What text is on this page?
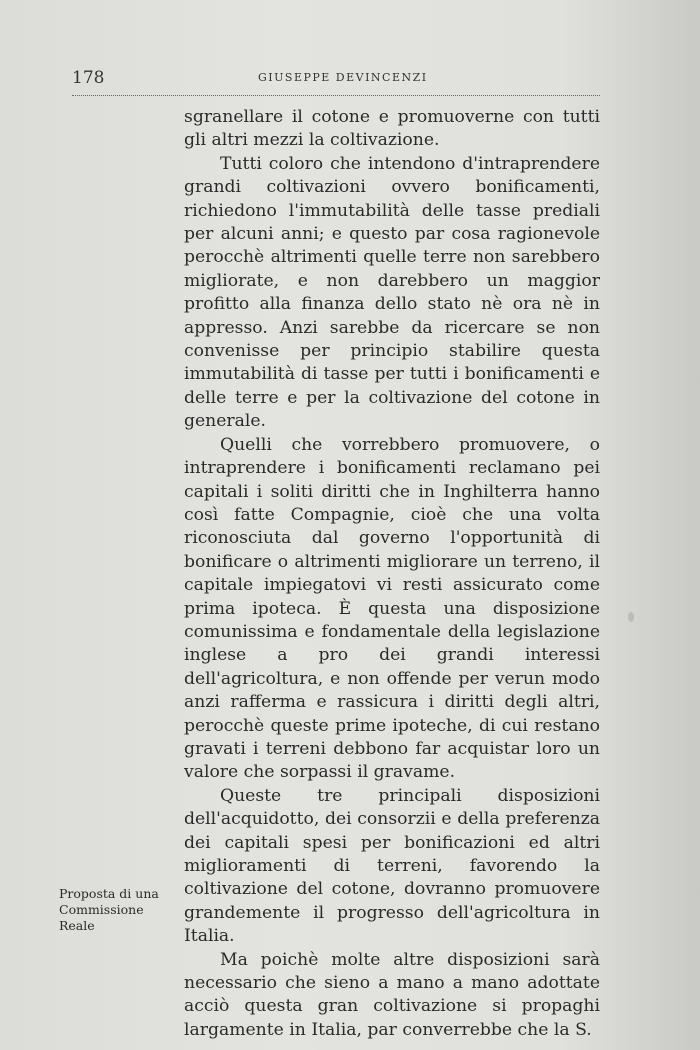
178	GIUSEPPE DEVINCENZI

sgranellare il cotone e promuoverne con tutti gli altri mezzi la coltivazione.

Tutti coloro che intendono d'intraprendere grandi coltivazioni ovvero bonificamenti, richiedono l'immutabilità delle tasse prediali per alcuni anni; e questo par cosa ragionevole perocchè altrimenti quelle terre non sarebbero migliorate, e non darebbero un maggior profitto alla finanza dello stato nè ora nè in appresso. Anzi sarebbe da ricercare se non convenisse per principio stabilire questa immutabilità di tasse per tutti i bonificamenti e delle terre e per la coltivazione del cotone in generale.

Quelli che vorrebbero promuovere, o intraprendere i bonificamenti reclamano pei capitali i soliti diritti che in Inghilterra hanno così fatte Compagnie, cioè che una volta riconosciuta dal governo l'opportunità di bonificare o altrimenti migliorare un terreno, il capitale impiegatovi vi resti assicurato come prima ipoteca. È questa una disposizione comunissima e fondamentale della legislazione inglese a pro dei grandi interessi dell'agricoltura, e non offende per verun modo anzi rafferma e rassicura i diritti degli altri, perocchè queste prime ipoteche, di cui restano gravati i terreni debbono far acquistar loro un valore che sorpassi il gravame.

Queste tre principali disposizioni dell'acquidotto, dei consorzii e della preferenza dei capitali spesi per bonificazioni ed altri miglioramenti di terreni, favorendo la coltivazione del cotone, dovranno promuovere grandemente il progresso dell'agricoltura in Italia.

Ma poichè molte altre disposizioni sarà necessario che sieno a mano a mano adottate acciò questa gran coltivazione si propaghi largamente in Italia, par converrebbe che la S.

Proposta di una Commissione Reale
